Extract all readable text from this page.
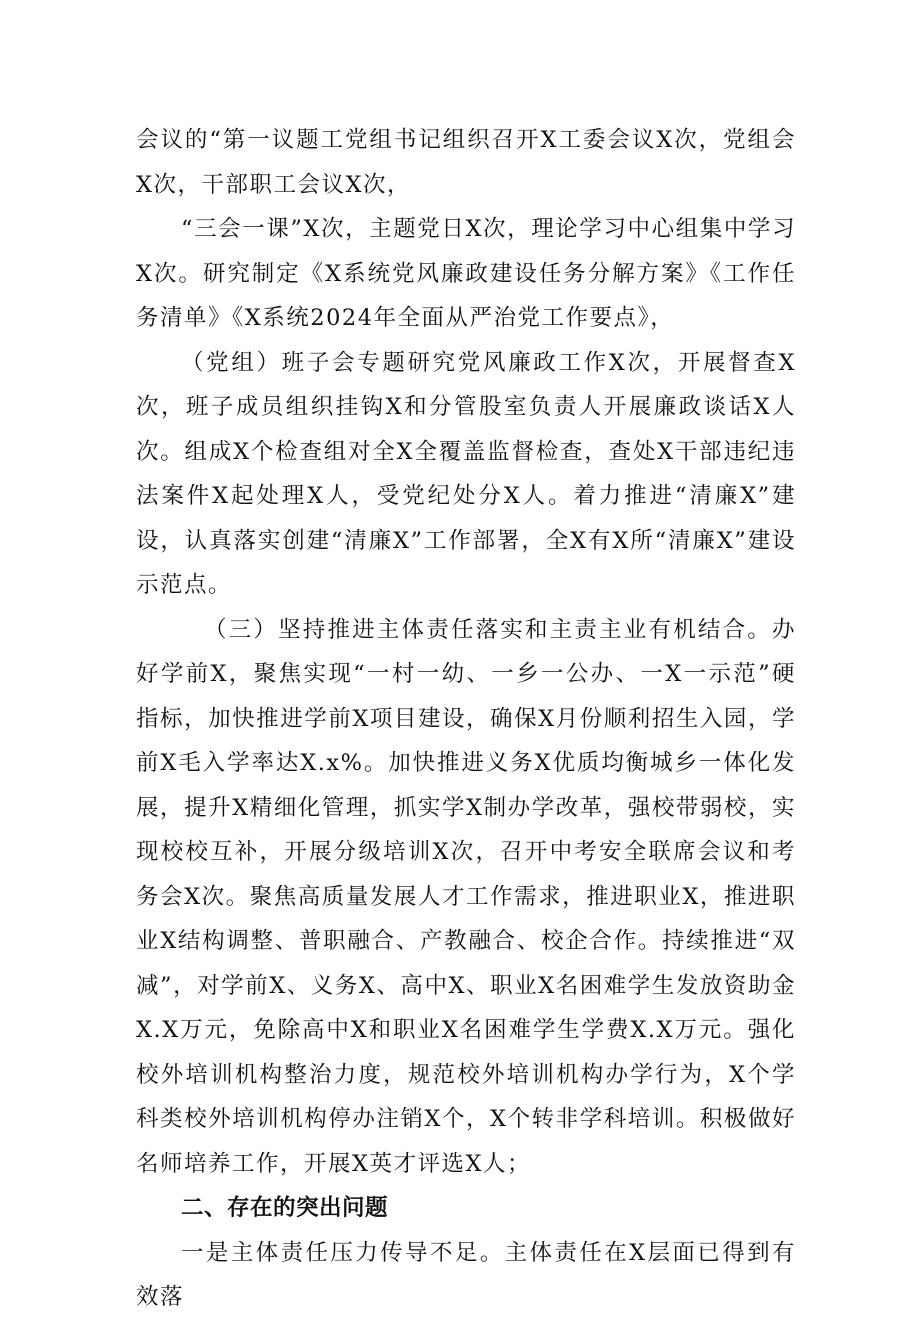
会议的“第一议题工党组书记组织召开X工委会议X次，党组会X次，干部职工会议X次，

“三会一课”X次，主题党日X次，理论学习中心组集中学习X次。研究制定《X系统党风廉政建设任务分解方案》《工作任务清单》《X系统2024年全面从严治党工作要点》，

（党组）班子会专题研究党风廉政工作X次，开展督查X次，班子成员组织挂钩X和分管股室负责人开展廉政谈话X人次。组成X个检查组对全X全覆盖监督检查，查处X干部违纪违法案件X起处理X人，受党纪处分X人。着力推进“清廉X”建设，认真落实创建“清廉X”工作部署，全X有X所“清廉X”建设示范点。

（三）坚持推进主体责任落实和主责主业有机结合。办好学前X，聚焦实现“一村一幼、一乡一公办、一X一示范”硬指标，加快推进学前X项目建设，确保X月份顺利招生入园，学前X毛入学率达X.x%。加快推进义务X优质均衡城乡一体化发展，提升X精细化管理，抓实学X制办学改革，强校带弱校，实现校校互补，开展分级培训X次，召开中考安全联席会议和考务会X次。聚焦高质量发展人才工作需求，推进职业X，推进职业X结构调整、普职融合、产教融合、校企合作。持续推进“双减”，对学前X、义务X、高中X、职业X名困难学生发放资助金X.X万元，免除高中X和职业X名困难学生学费X.X万元。强化校外培训机构整治力度，规范校外培训机构办学行为，X个学科类校外培训机构停办注销X个，X个转非学科培训。积极做好名师培养工作，开展X英才评选X人；

二、存在的突出问题

一是主体责任压力传导不足。主体责任在X层面已得到有效落
